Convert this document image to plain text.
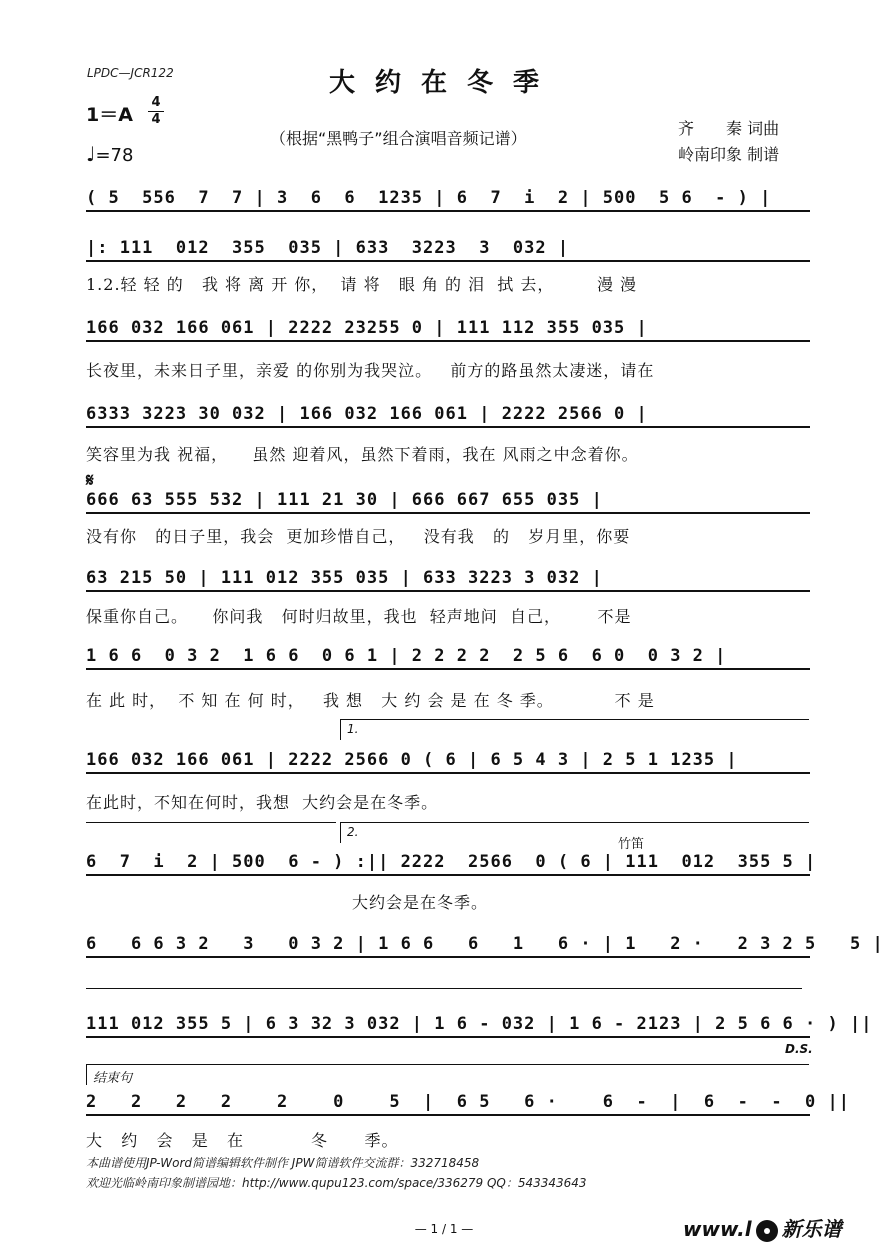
LPDC—JCR122	大约在冬季
1＝A
4
4
♩=78
（根据“黑鸭子”组合演唱音频记谱）
齐　　秦 词曲
岭南印象 制谱
( 5  556  7  7 | 3  6  6  1235 | 6  7  i  2 | 500  5 6  - ) |
|: 111  012  355  035 | 633  3223  3  032 |
1.2.轻 轻 的   我 将 离 开 你，  请 将   眼 角 的 泪  拭 去，       漫 漫
166 032 166 061 | 2222 23255 0 | 111 112 355 035 |
长夜里，未来日子里，亲爱 的你别为我哭泣。   前方的路虽然太凄迷，请在
6333 3223 30 032 | 166 032 166 061 | 2222 2566 0 |
笑容里为我 祝福，    虽然 迎着风，虽然下着雨，我在 风雨之中念着你。
𝄋
666 63 555 532 | 111 21 30 | 666 667 655 035 |
没有你   的日子里，我会  更加珍惜自己，   没有我   的   岁月里，你要
63 215 50 | 111 012 355 035 | 633 3223 3 032 |
保重你自己。    你问我   何时归故里，我也  轻声地问  自己，      不是
1 6 6  0 3 2  1 6 6  0 6 1 | 2 2 2 2  2 5 6  6 0  0 3 2 |
在 此 时，  不 知 在 何 时，   我 想   大 约 会 是 在 冬 季。          不 是
1.
166 032 166 061 | 2222 2566 0 ( 6 | 6 5 4 3 | 2 5 1 1235 |
在此时，不知在何时，我想  大约会是在冬季。
2.
竹笛
6  7  i  2 | 500  6 - ) :|| 2222  2566  0 ( 6 | 111  012  355 5 |
大约会是在冬季。
6   6 6 3 2   3   0 3 2 | 1 6 6   6   1   6 · | 1   2 ·   2 3 2 5   5 |
111 012 355 5 | 6 3 32 3 032 | 1 6 - 032 | 1 6 - 2123 | 2 5 6 6 · ) ||
D.S.
结束句
2   2   2   2    2    0    5  |  6 5   6 ·    6  -  |  6  -  -  0 ||
大   约   会   是   在           冬      季。
本曲谱使用JP-Word简谱编辑软件制作 JPW简谱软件交流群：332718458
欢迎光临岭南印象制谱园地：http://www.qupu123.com/space/336279 QQ：543343643
— 1 / 1 —	www.l 新乐谱
